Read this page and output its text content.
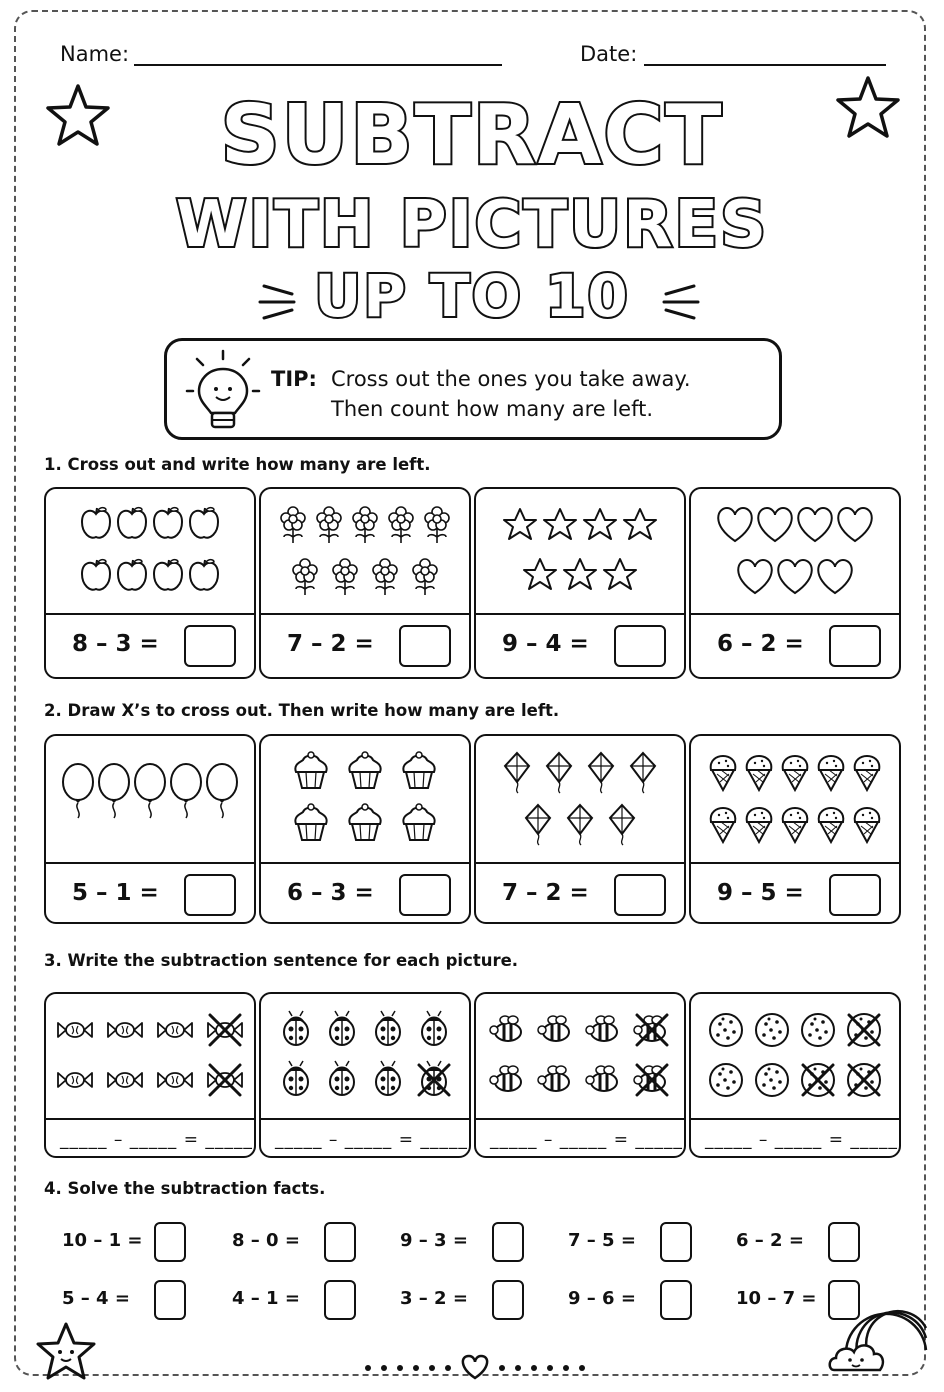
Name:	Date:
SUBTRACT
WITH PICTURES
UP TO 10
TIP: Cross out the ones you take away.
Then count how many are left.
1. Cross out and write how many are left.
8 – 3 =	7 – 2 =	9 – 4 =	6 – 2 =
2. Draw X’s to cross out. Then write how many are left.
5 – 1 =	6 – 3 =	7 – 2 =	9 – 5 =
3. Write the subtraction sentence for each picture.
_____ – _____ = _____ _____ – _____ = _____ _____ – _____ = _____ _____ – _____ = _____
4. Solve the subtraction facts.
10 – 1 =	8 – 0 =	9 – 3 =	7 – 5 =	6 – 2 =
5 – 4 =	4 – 1 =	3 – 2 =	9 – 6 =	10 – 7 =
